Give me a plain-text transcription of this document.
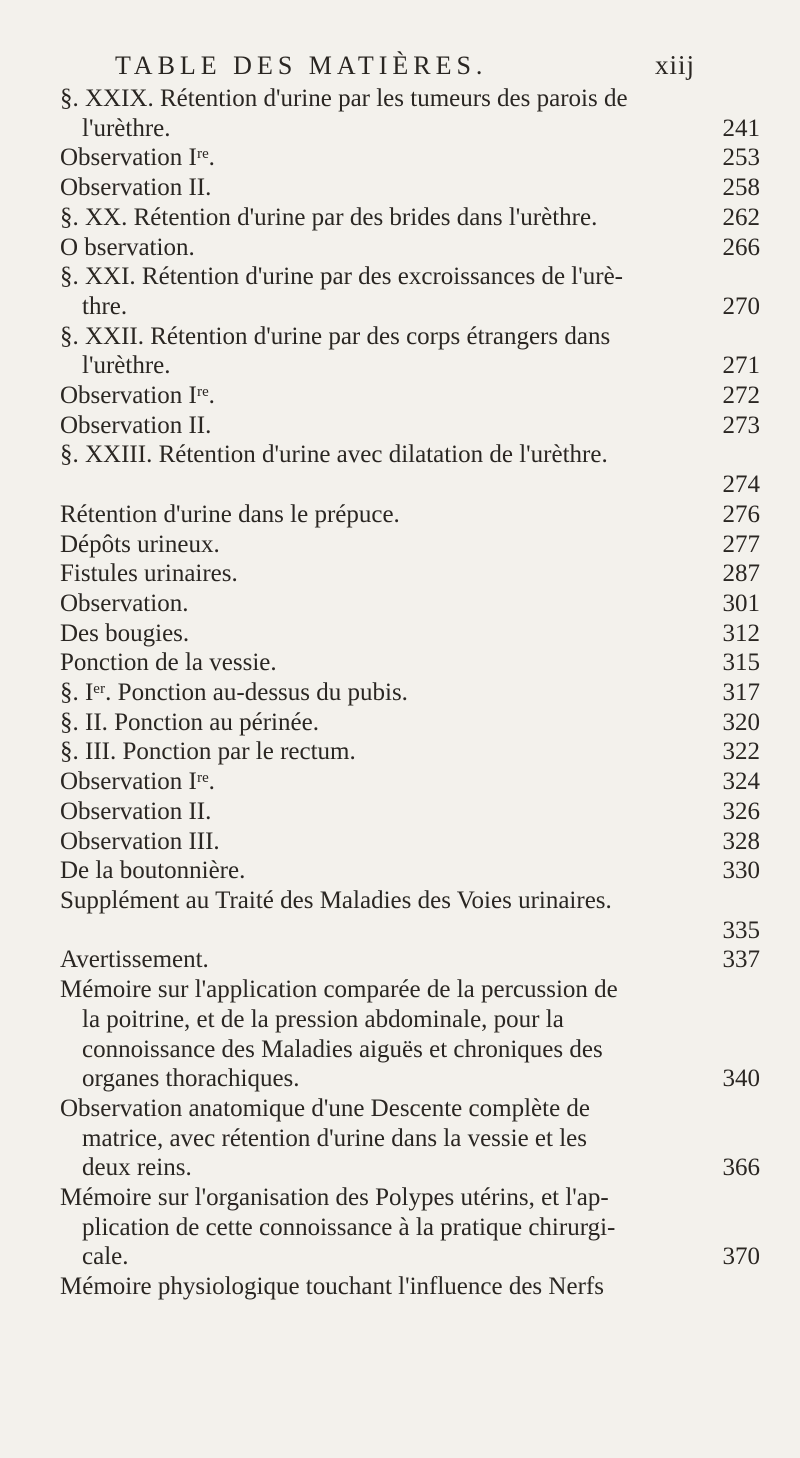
TABLE DES MATIÈRES.	xiij
§. XXIX. Rétention d'urine par les tumeurs des parois de
241
l'urèthre.
253
Observation Iʳᵉ.
258
Observation II.
262
§. XX. Rétention d'urine par des brides dans l'urèthre.
266
O bservation.
§. XXI. Rétention d'urine par des excroissances de l'urè-
270
thre.
§. XXII. Rétention d'urine par des corps étrangers dans
271
l'urèthre.
272
Observation Iʳᵉ.
273
Observation II.
§. XXIII. Rétention d'urine avec dilatation de l'urèthre.
274
276
Rétention d'urine dans le prépuce.
277
Dépôts urineux.
287
Fistules urinaires.
301
Observation.
312
Des bougies.
315
Ponction de la vessie.
317
§. Iᵉʳ. Ponction au-dessus du pubis.
320
§. II. Ponction au périnée.
322
§. III. Ponction par le rectum.
324
Observation Iʳᵉ.
326
Observation II.
328
Observation III.
330
De la boutonnière.
Supplément au Traité des Maladies des Voies urinaires.
335
337
Avertissement.
Mémoire sur l'application comparée de la percussion de
la poitrine, et de la pression abdominale, pour la
connoissance des Maladies aiguës et chroniques des
340
organes thorachiques.
Observation anatomique d'une Descente complète de
matrice, avec rétention d'urine dans la vessie et les
366
deux reins.
Mémoire sur l'organisation des Polypes utérins, et l'ap-
plication de cette connoissance à la pratique chirurgi-
370
cale.
Mémoire physiologique touchant l'influence des Nerfs
